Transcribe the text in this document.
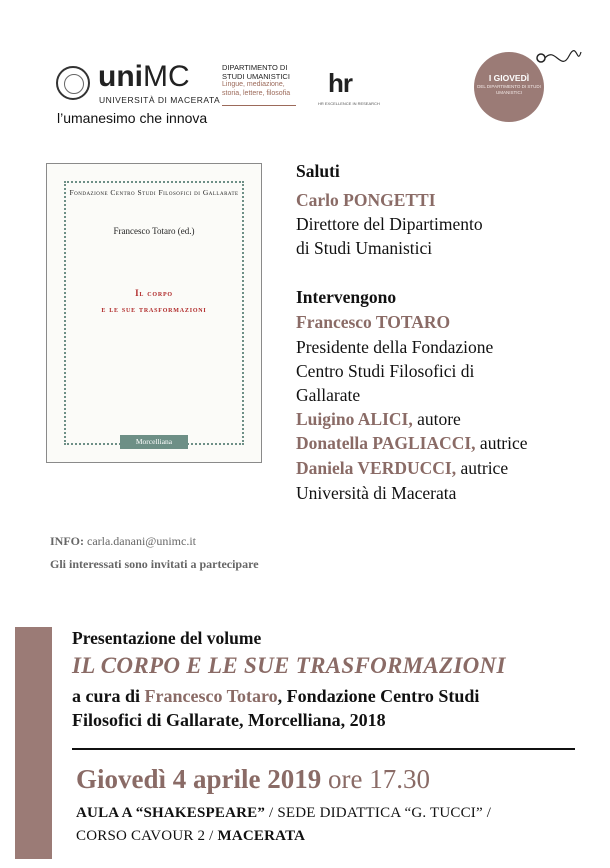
uniMC
UNIVERSITÀ DI MACERATA
l’umanesimo che innova
DIPARTIMENTO DI
STUDI UMANISTICI
Lingue, mediazione, storia, lettere, filosofia	hr
HR EXCELLENCE IN RESEARCH
I GIOVEDÌ
DEL DIPARTIMENTO DI STUDI UMANISTICI
Fondazione Centro Studi Filosofici di Gallarate
Francesco Totaro (ed.)
Il corpo
e le sue trasformazioni
Morcelliana
Saluti
Carlo PONGETTI
Direttore del Dipartimento
di Studi Umanistici
Intervengono
Francesco TOTARO
Presidente della Fondazione
Centro Studi Filosofici di
Gallarate
Luigino ALICI, autore
Donatella PAGLIACCI, autrice
Daniela VERDUCCI, autrice
Università di Macerata
INFO: carla.danani@unimc.it
Gli interessati sono invitati a partecipare
Presentazione del volume
IL CORPO E LE SUE TRASFORMAZIONI
a cura di Francesco Totaro, Fondazione Centro Studi
Filosofici di Gallarate, Morcelliana, 2018
Giovedì 4 aprile 2019 ore 17.30
AULA A “SHAKESPEARE” / SEDE DIDATTICA “G. TUCCI” /
CORSO CAVOUR 2 / MACERATA
